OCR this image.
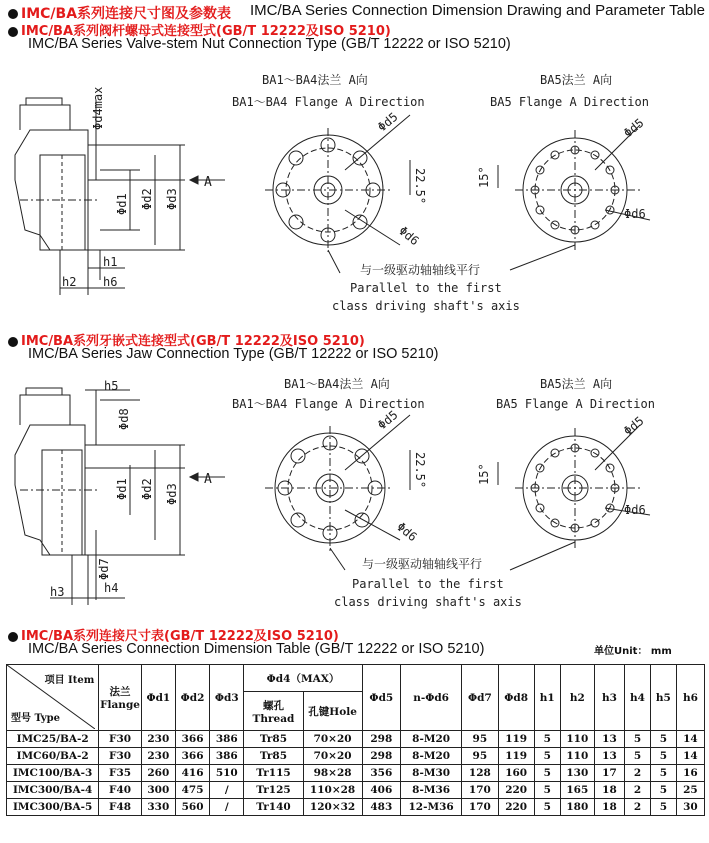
IMC/BA系列连接尺寸图及参数表 IMC/BA Series Connection Dimension Drawing and Parameter Table
IMC/BA系列阀杆螺母式连接型式(GB/T 12222及ISO 5210)
IMC/BA Series Valve-stem Nut Connection Type (GB/T 12222 or ISO 5210)
Φd4max
Φd1 Φd2 Φd3
A
h1
h2 h6
BA1～BA4法兰 A向
BA1～BA4 Flange A Direction
Φd5
22.5°
Φd6
BA5法兰 A向
BA5 Flange A Direction
Φd5
15°
Φd6
与一级驱动轴轴线平行
Parallel to the first
class driving shaft's axis
IMC/BA系列牙嵌式连接型式(GB/T 12222及ISO 5210)
IMC/BA Series Jaw Connection Type (GB/T 12222 or ISO 5210)
h5
Φd8
Φd1 Φd2 Φd3
Φd7
A
h3	h4
BA1～BA4法兰 A向
BA1～BA4 Flange A Direction
Φd5
22.5°
Φd6
BA5法兰 A向
BA5 Flange A Direction
Φd5
15°
Φd6
与一级驱动轴轴线平行
Parallel to the first
class driving shaft's axis
IMC/BA系列连接尺寸表(GB/T 12222及ISO 5210)
IMC/BA Series Connection Dimension Table (GB/T 12222 or ISO 5210)	单位Unit： mm
项目 Item
型号 Type	法兰Flange	Φd1	Φd2	Φd3	Φd4（MAX）		Φd5	n-Φd6	Φd7	Φd8	h1	h2	h3	h4	h5	h6
					螺孔Thread	孔键Hole										
IMC25/BA-2	F30	230	366	386	Tr85	70×20	298	8-M20	95	119	5	110	13	5	5	14
IMC60/BA-2	F30	230	366	386	Tr85	70×20	298	8-M20	95	119	5	110	13	5	5	14
IMC100/BA-3	F35	260	416	510	Tr115	98×28	356	8-M30	128	160	5	130	17	2	5	16
IMC300/BA-4	F40	300	475	/	Tr125	110×28	406	8-M36	170	220	5	165	18	2	5	25
IMC300/BA-5	F48	330	560	/	Tr140	120×32	483	12-M36	170	220	5	180	18	2	5	30
